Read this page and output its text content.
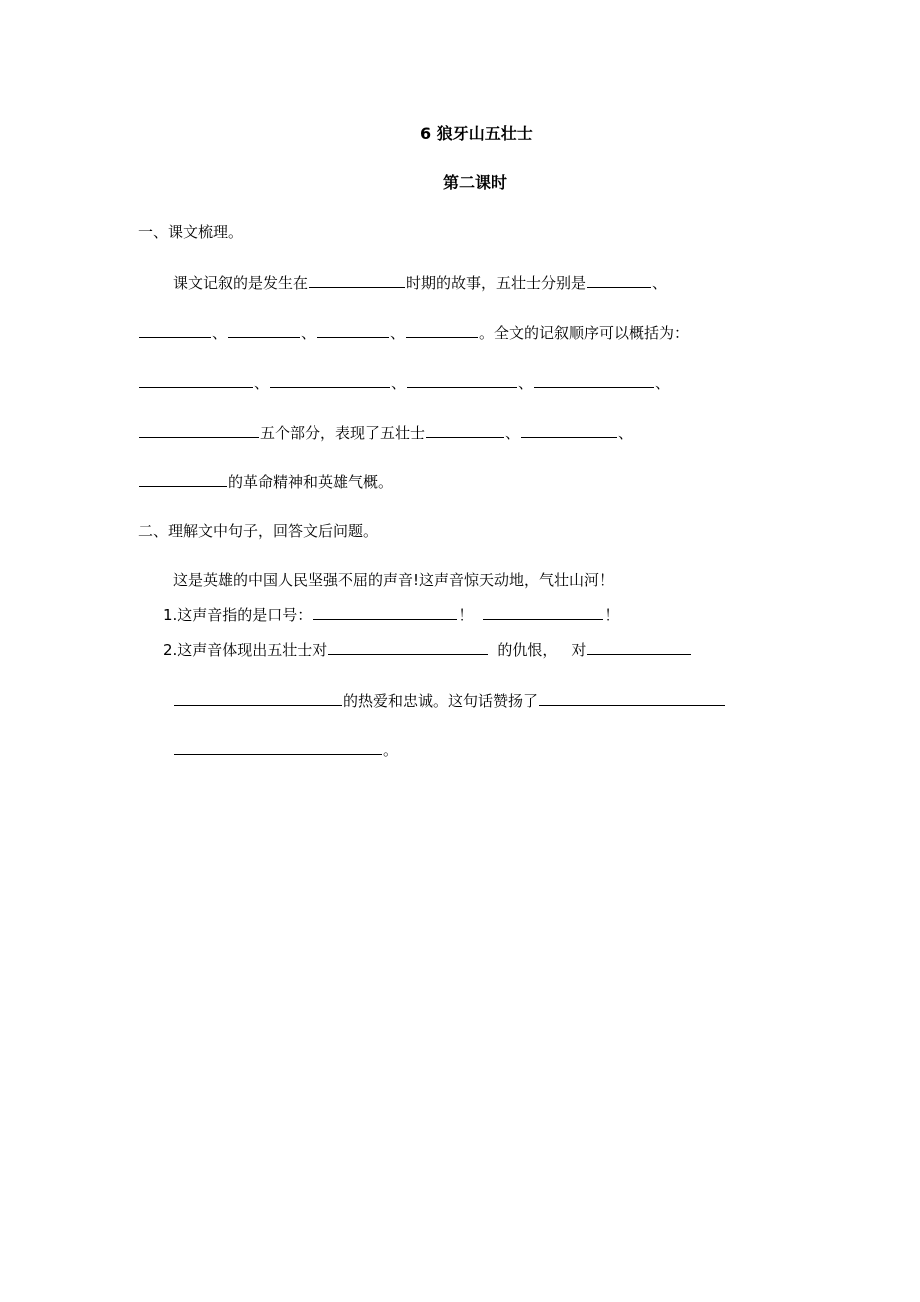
6 狼牙山五壮士
第二课时
一、课文梳理。
课文记叙的是发生在	时期的故事，五壮士分别是	、
、	、	、	。全文的记叙顺序可以概括为：
、	、	、	、
五个部分，表现了五壮士	、	、
的革命精神和英雄气概。
二、理解文中句子，回答文后问题。
这是英雄的中国人民坚强不屈的声音!这声音惊天动地，气壮山河！
1.这声音指的是口号：	！	！
2.这声音体现出五壮士对	的仇恨， 对
的热爱和忠诚。这句话赞扬了
。
